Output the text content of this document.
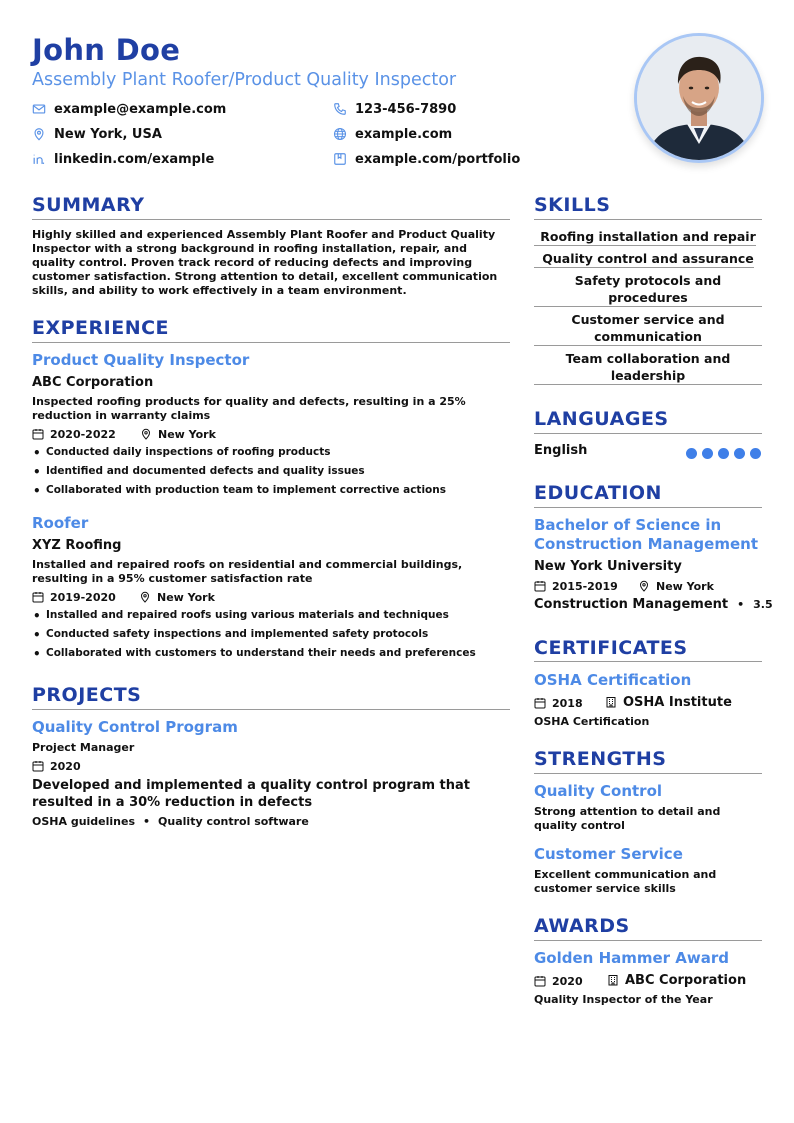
John Doe
Assembly Plant Roofer/Product Quality Inspector
example@example.com	123-456-7890
New York, USA	example.com
linkedin.com/example	example.com/portfolio
SUMMARY
Highly skilled and experienced Assembly Plant Roofer and Product Quality Inspector with a strong background in roofing installation, repair, and quality control. Proven track record of reducing defects and improving customer satisfaction. Strong attention to detail, excellent communication skills, and ability to work effectively in a team environment.
EXPERIENCE
Product Quality Inspector
ABC Corporation
Inspected roofing products for quality and defects, resulting in a 25% reduction in warranty claims
2020-2022	New York
• Conducted daily inspections of roofing products
• Identified and documented defects and quality issues
• Collaborated with production team to implement corrective actions
Roofer
XYZ Roofing
Installed and repaired roofs on residential and commercial buildings, resulting in a 95% customer satisfaction rate
2019-2020	New York
• Installed and repaired roofs using various materials and techniques
• Conducted safety inspections and implemented safety protocols
• Collaborated with customers to understand their needs and preferences
PROJECTS
Quality Control Program
Project Manager
2020
Developed and implemented a quality control program that resulted in a 30% reduction in defects
OSHA guidelines • Quality control software
SKILLS
Roofing installation and repair
Quality control and assurance
Safety protocols and procedures
Customer service and communication
Team collaboration and leadership
LANGUAGES
English
EDUCATION
Bachelor of Science in Construction Management
New York University
2015-2019	New York
Construction Management • 3.5
CERTIFICATES
OSHA Certification
2018	OSHA Institute
OSHA Certification
STRENGTHS
Quality Control
Strong attention to detail and quality control
Customer Service
Excellent communication and customer service skills
AWARDS
Golden Hammer Award
2020	ABC Corporation
Quality Inspector of the Year
